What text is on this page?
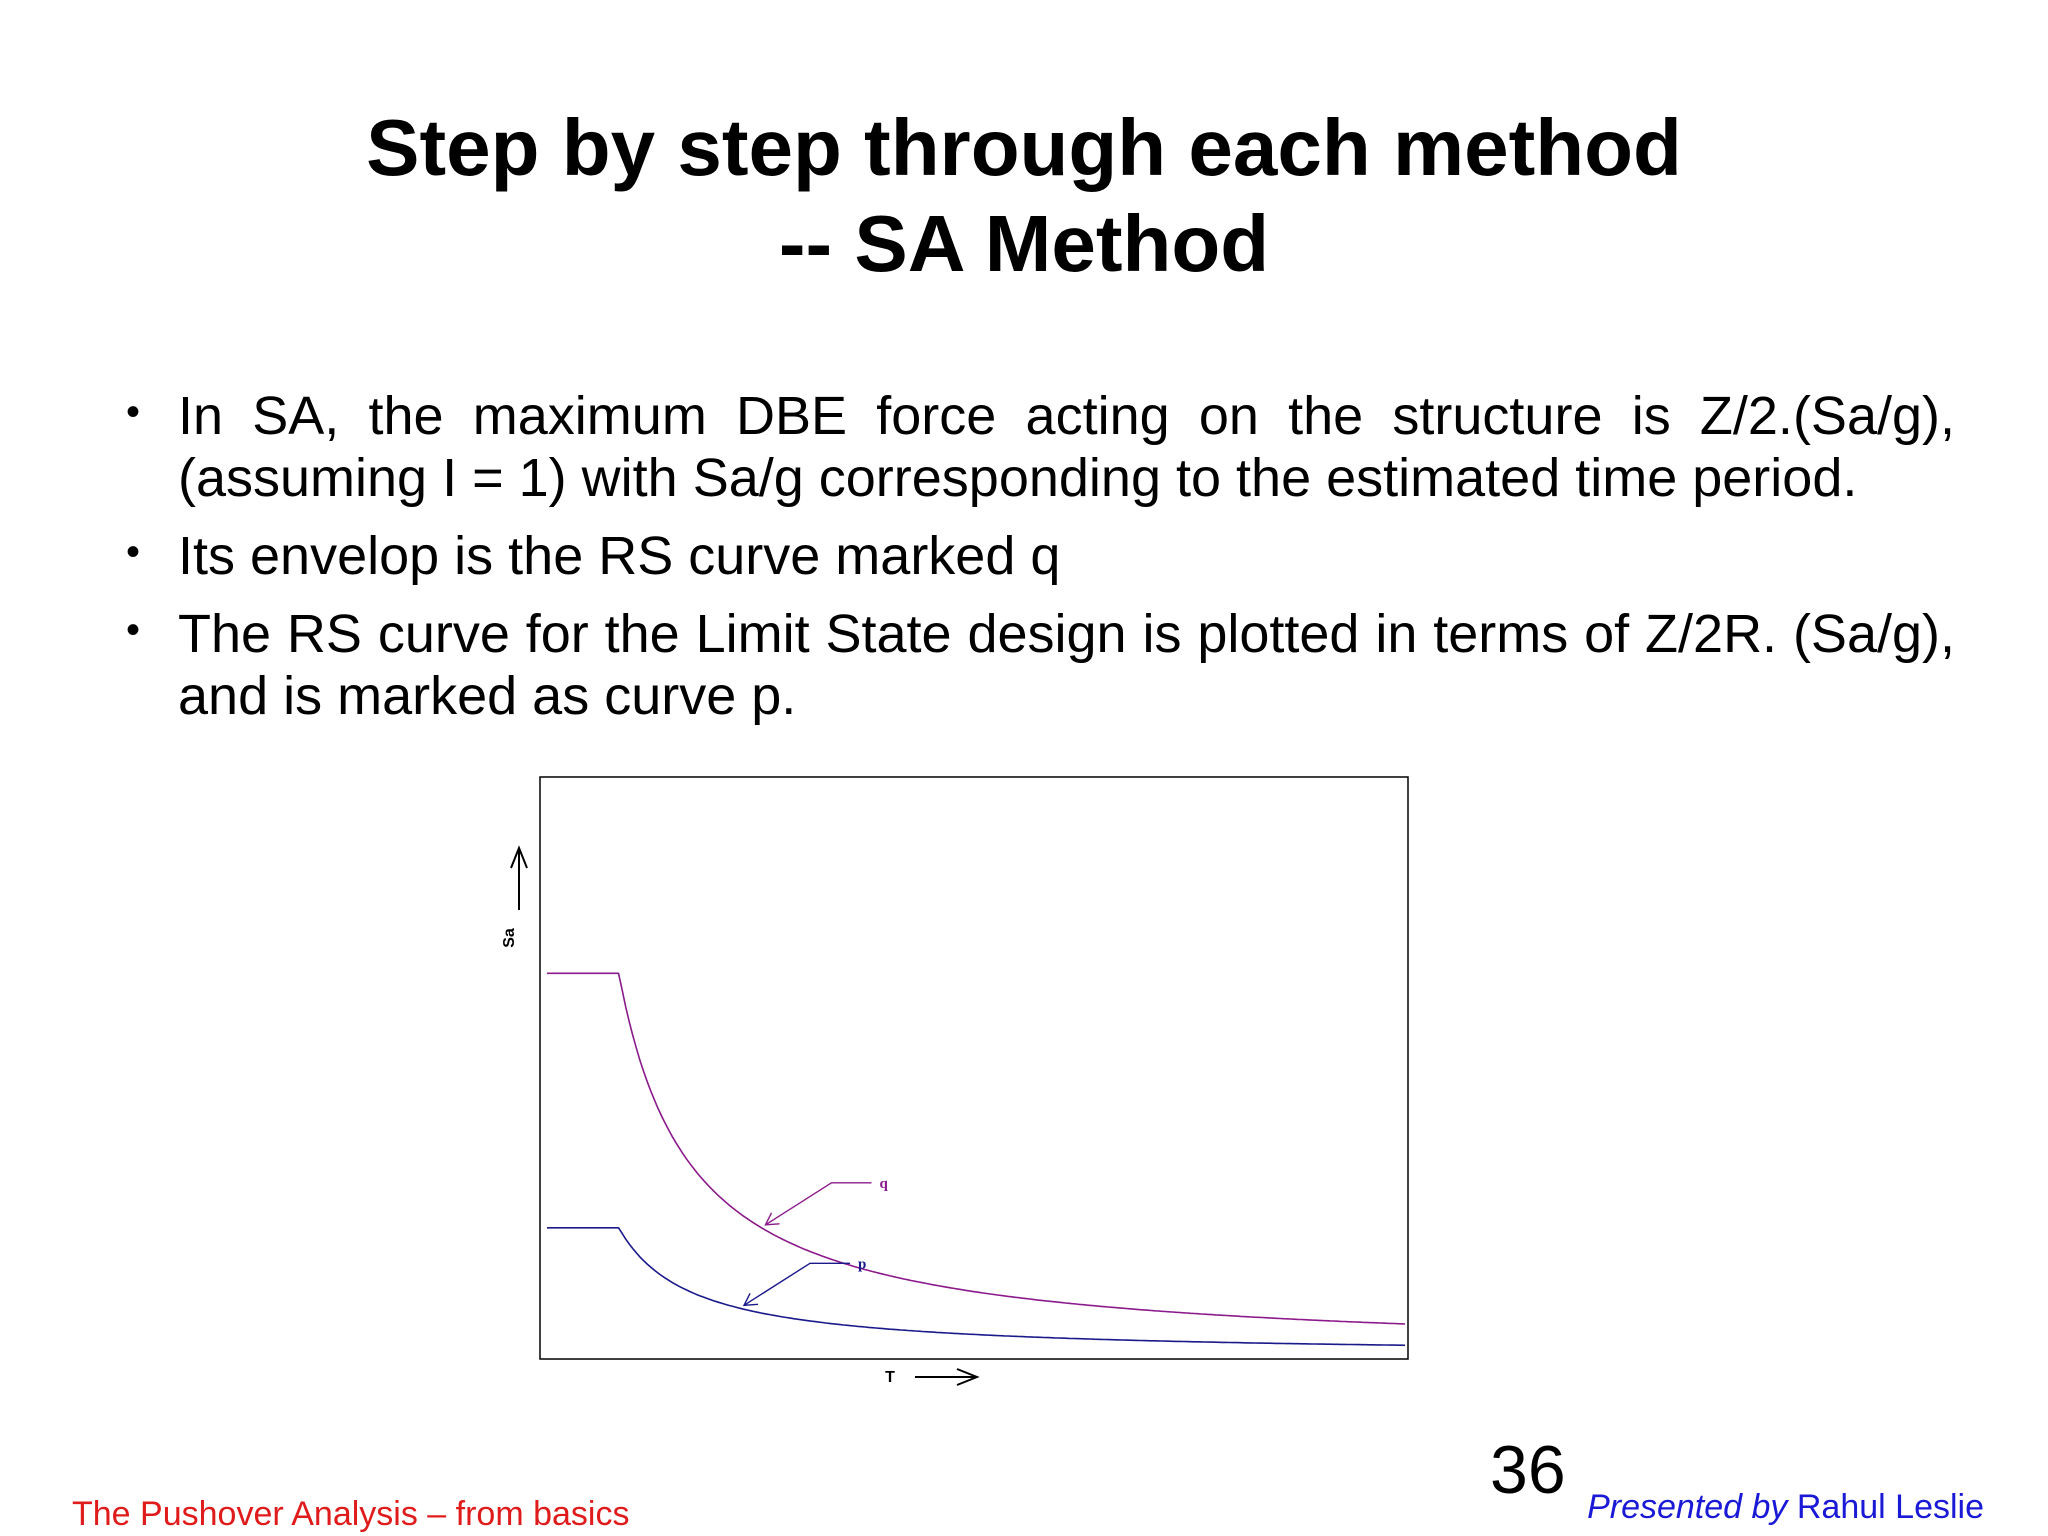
Step by step through each method
-- SA Method
• In SA, the maximum DBE force acting on the structure is Z/2.(Sa/g), (assuming I = 1) with Sa/g corresponding to the estimated time period.
• Its envelop is the RS curve marked q
• The RS curve for the Limit State design is plotted in terms of Z/2R. (Sa/g), and is marked as curve p.
Sa
T
q
p
36
The Pushover Analysis – from basics	Presented by Rahul Leslie
